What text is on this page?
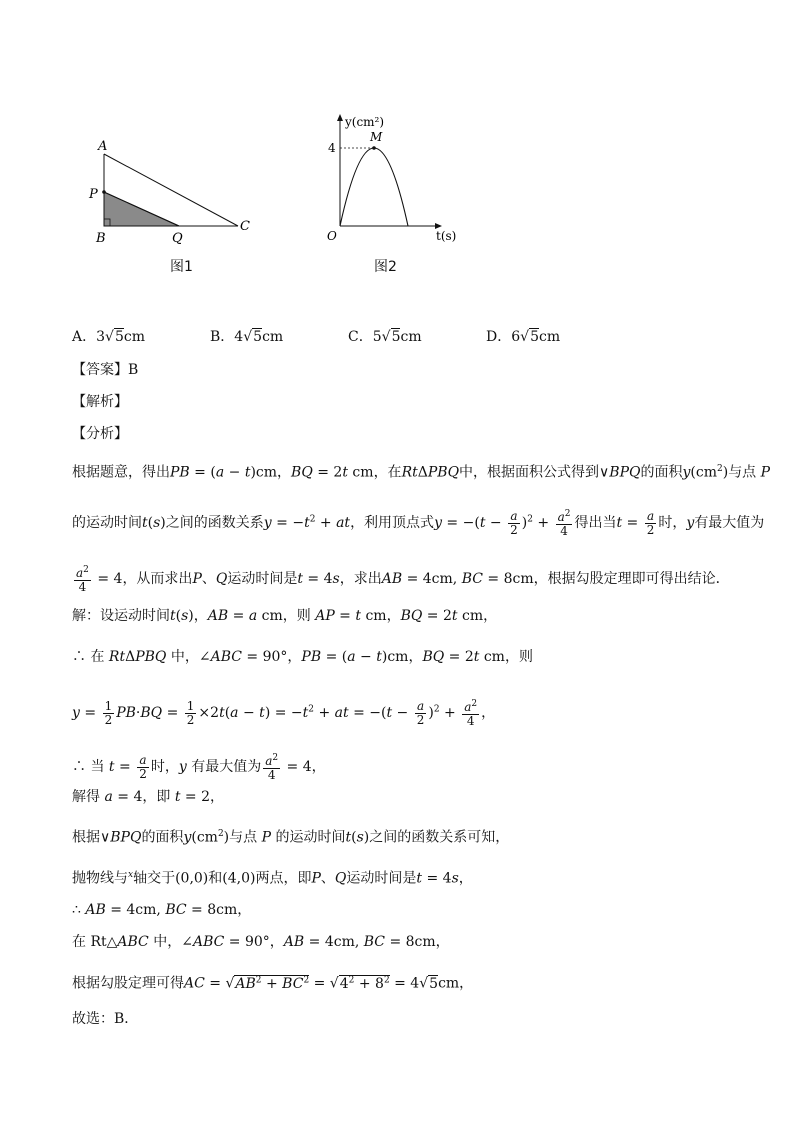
A
P
B	Q
C
图1
y(cm²)
M
4
O	t(s)
图2
A．3√5cm	B．4√5cm	C．5√5cm	D．6√5cm
【答案】B
【解析】
【分析】
根据题意，得出PB = (a − t)cm，BQ = 2t cm，在RtΔPBQ中，根据面积公式得到∨BPQ的面积$y(cm^2)$与点 P
的运动时间t(s)之间的函数关系$y = -t^2$ + at，利用顶点式$y = -(t - \frac{a}{2} )^2 + \frac{a^2}{4}$ 得出当$t = \frac{a}{2}$ 时，y有最大值为
$\frac{a^2}{4} = 4$，从而求出P、Q运动时间是t = 4s，求出AB = 4cm, BC = 8cm，根据勾股定理即可得出结论．
解：设运动时间t(s)，AB = a cm，则 AP = t cm，BQ = 2t cm，
∴ 在 RtΔPBQ 中，∠ABC = 90°，PB = (a − t)cm，BQ = 2t cm，则
$y = \frac{1}{2} PB\cdot BQ = \frac{1}{2} \times 2t(a - t) = -t^2$ + at = $-(t - \frac{a}{2} )^2 + \frac{a^2}{4}$ ，
∴ 当 $t = \frac{a}{2}$ 时，y 有最大值为 $\frac{a^2}{4} = 4$，
解得 a = 4，即 t = 2，
根据∨BPQ的面积$y(cm^2)$与点 P 的运动时间t(s)之间的函数关系可知，
抛物线与$^x$轴交于(0,0)和(4,0)两点，即P、Q运动时间是t = 4s，
∴ AB = 4cm, BC = 8cm，
在 Rt△ABC 中，∠ABC = 90°，AB = 4cm, BC = 8cm，
根据勾股定理可得AC = $√AB^2 + BC^2 = √4^2 + 8^2 = 4√5cm$，
故选：B．
